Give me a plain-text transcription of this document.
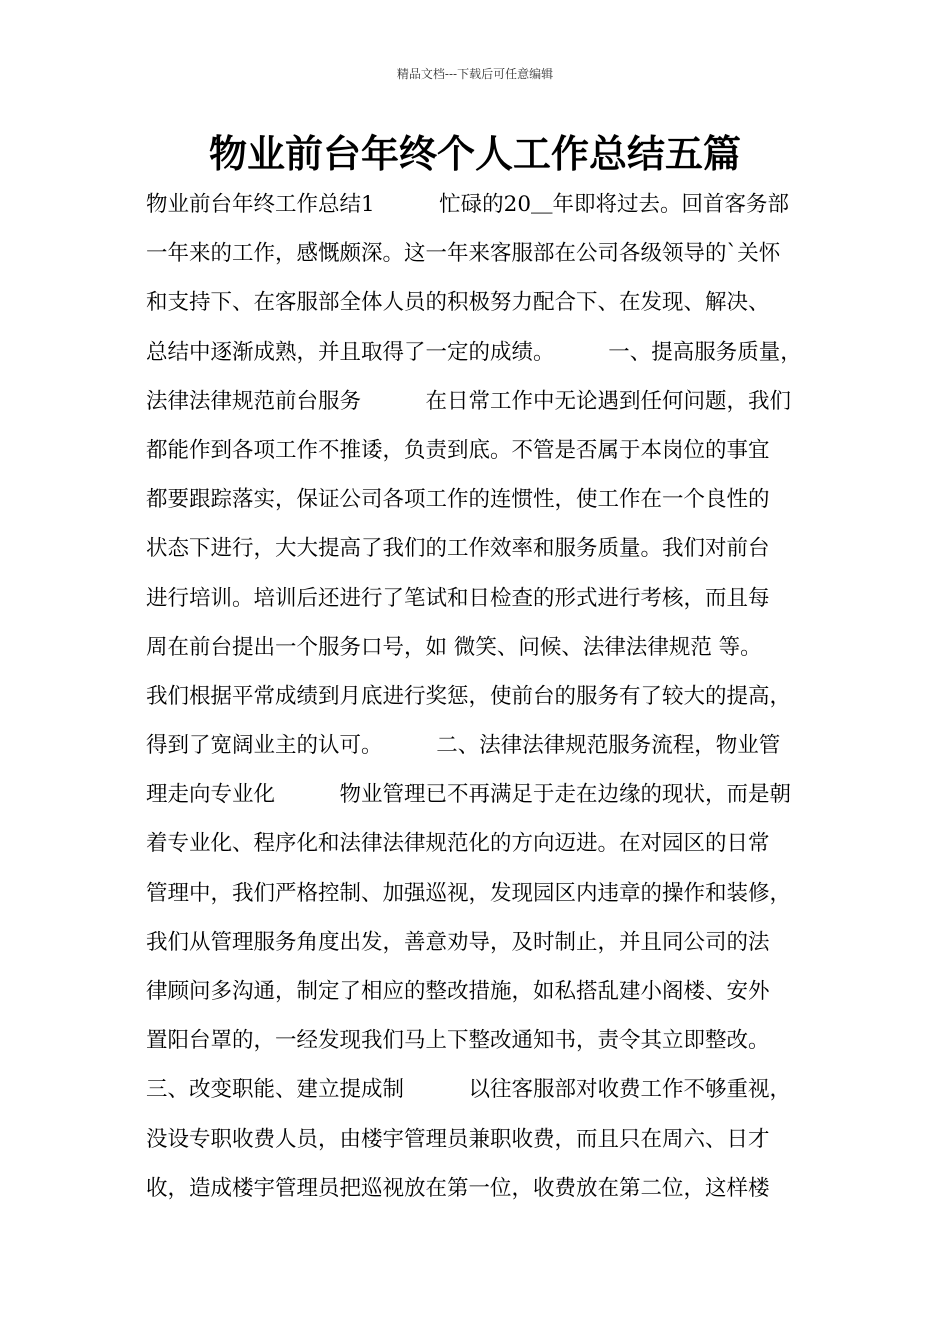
精品文档---下载后可任意编辑
物业前台年终个人工作总结五篇
物业前台年终工作总结1　　　忙碌的20＿年即将过去。回首客务部
一年来的工作，感慨颇深。这一年来客服部在公司各级领导的`关怀
和支持下、在客服部全体人员的积极努力配合下、在发现、解决、
总结中逐渐成熟，并且取得了一定的成绩。　　　一、提高服务质量，
法律法律规范前台服务　　　在日常工作中无论遇到任何问题，我们
都能作到各项工作不推诿，负责到底。不管是否属于本岗位的事宜
都要跟踪落实，保证公司各项工作的连惯性，使工作在一个良性的
状态下进行，大大提高了我们的工作效率和服务质量。我们对前台
进行培训。培训后还进行了笔试和日检查的形式进行考核，而且每
周在前台提出一个服务口号，如 微笑、问候、法律法律规范 等。
我们根据平常成绩到月底进行奖惩，使前台的服务有了较大的提高，
得到了宽阔业主的认可。　　　二、法律法律规范服务流程，物业管
理走向专业化　　　物业管理已不再满足于走在边缘的现状，而是朝
着专业化、程序化和法律法律规范化的方向迈进。在对园区的日常
管理中，我们严格控制、加强巡视，发现园区内违章的操作和装修，
我们从管理服务角度出发，善意劝导，及时制止，并且同公司的法
律顾问多沟通，制定了相应的整改措施，如私搭乱建小阁楼、安外
置阳台罩的，一经发现我们马上下整改通知书，责令其立即整改。
三、改变职能、建立提成制　　　以往客服部对收费工作不够重视，
没设专职收费人员，由楼宇管理员兼职收费，而且只在周六、日才
收，造成楼宇管理员把巡视放在第一位，收费放在第二位，这样楼
